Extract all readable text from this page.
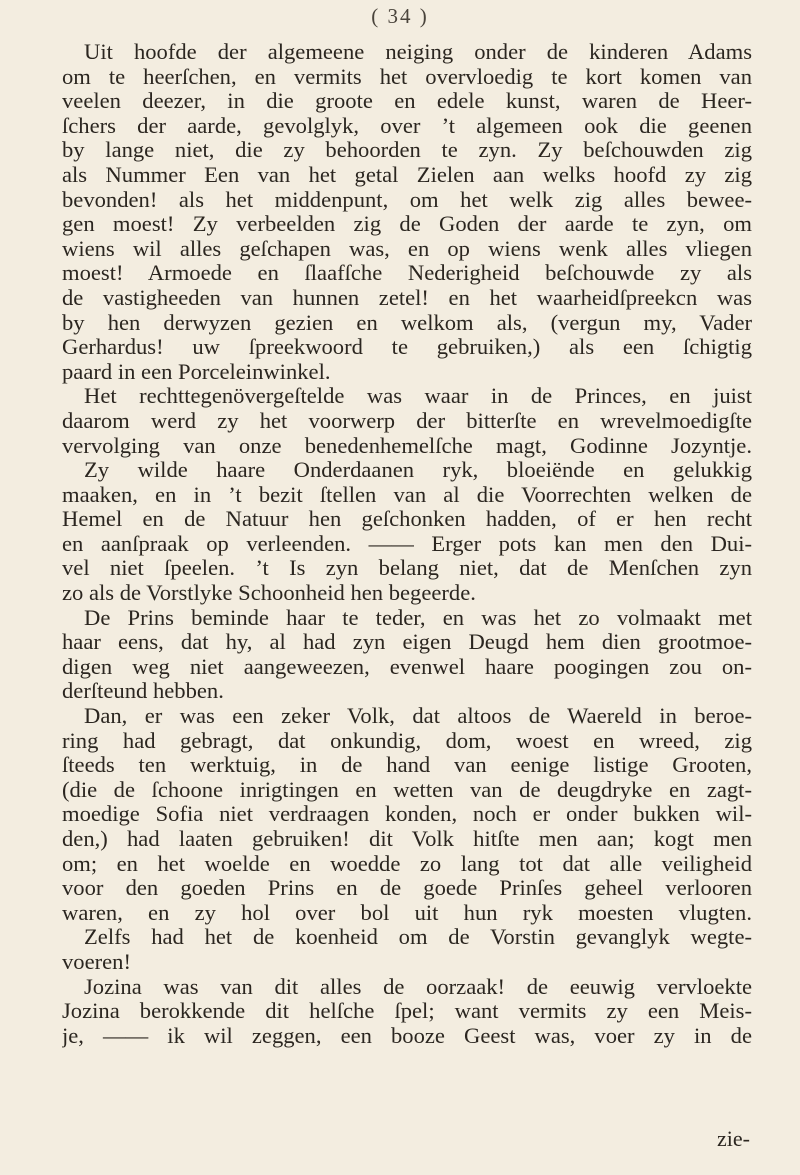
( 34 )
Uit hoofde der algemeene neiging onder de kinderen Adams
om te heerſchen, en vermits het overvloedig te kort komen van
veelen deezer, in die groote en edele kunst, waren de Heer-
ſchers der aarde, gevolglyk, over ’t algemeen ook die geenen
by lange niet, die zy behoorden te zyn. Zy beſchouwden zig
als Nummer Een van het getal Zielen aan welks hoofd zy zig
bevonden! als het middenpunt, om het welk zig alles bewee-
gen moest! Zy verbeelden zig de Goden der aarde te zyn, om
wiens wil alles geſchapen was, en op wiens wenk alles vliegen
moest! Armoede en ſlaafſche Nederigheid beſchouwde zy als
de vastigheeden van hunnen zetel! en het waarheidſpreekcn was
by hen derwyzen gezien en welkom als, (vergun my, Vader
Gerhardus! uw ſpreekwoord te gebruiken,) als een ſchigtig
paard in een Porceleinwinkel.
Het rechttegenövergeſtelde was waar in de Princes, en juist
daarom werd zy het voorwerp der bitterſte en wrevelmoedigſte
vervolging van onze benedenhemelſche magt, Godinne Jozyntje.
Zy wilde haare Onderdaanen ryk, bloeiënde en gelukkig
maaken, en in ’t bezit ſtellen van al die Voorrechten welken de
Hemel en de Natuur hen geſchonken hadden, of er hen recht
en aanſpraak op verleenden. —— Erger pots kan men den Dui-
vel niet ſpeelen. ’t Is zyn belang niet, dat de Menſchen zyn
zo als de Vorstlyke Schoonheid hen begeerde.
De Prins beminde haar te teder, en was het zo volmaakt met
haar eens, dat hy, al had zyn eigen Deugd hem dien grootmoe-
digen weg niet aangeweezen, evenwel haare poogingen zou on-
derſteund hebben.
Dan, er was een zeker Volk, dat altoos de Waereld in beroe-
ring had gebragt, dat onkundig, dom, woest en wreed, zig
ſteeds ten werktuig, in de hand van eenige listige Grooten,
(die de ſchoone inrigtingen en wetten van de deugdryke en zagt-
moedige Sofia niet verdraagen konden, noch er onder bukken wil-
den,) had laaten gebruiken! dit Volk hitſte men aan; kogt men
om; en het woelde en woedde zo lang tot dat alle veiligheid
voor den goeden Prins en de goede Prinſes geheel verlooren
waren, en zy hol over bol uit hun ryk moesten vlugten.
Zelfs had het de koenheid om de Vorstin gevanglyk wegte-
voeren!
Jozina was van dit alles de oorzaak! de eeuwig vervloekte
Jozina berokkende dit helſche ſpel; want vermits zy een Meis-
je, —— ik wil zeggen, een booze Geest was, voer zy in de
zie-
